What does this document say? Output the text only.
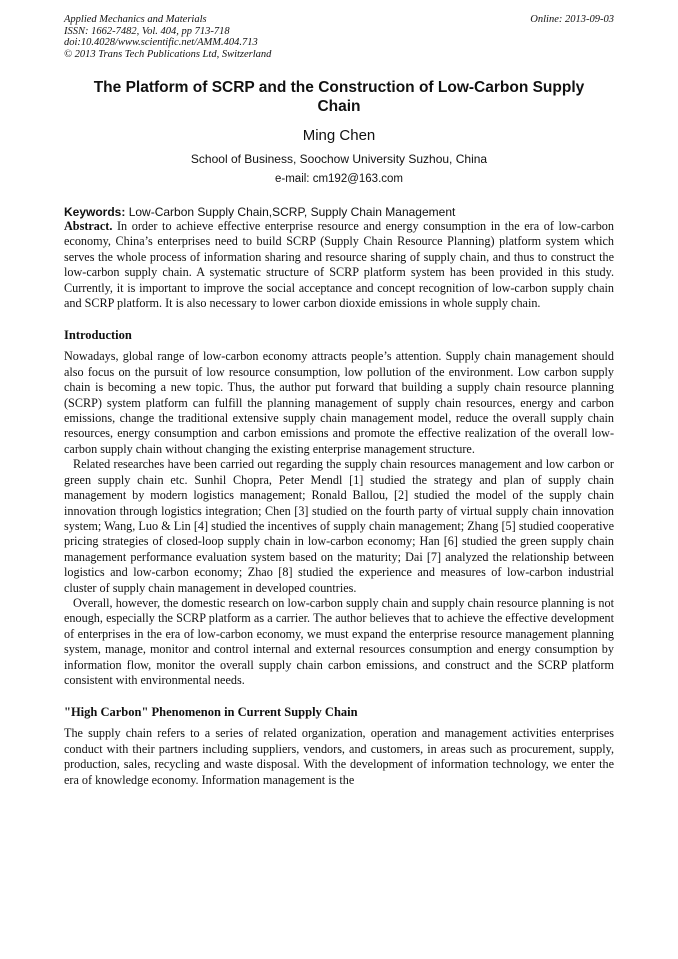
Applied Mechanics and Materials
ISSN: 1662-7482, Vol. 404, pp 713-718
doi:10.4028/www.scientific.net/AMM.404.713
© 2013 Trans Tech Publications Ltd, Switzerland
Online: 2013-09-03
The Platform of SCRP and the Construction of Low-Carbon Supply Chain
Ming Chen
School of Business, Soochow University Suzhou, China
e-mail: cm192@163.com
Keywords: Low-Carbon Supply Chain,SCRP, Supply Chain Management

Abstract. In order to achieve effective enterprise resource and energy consumption in the era of low-carbon economy, China’s enterprises need to build SCRP (Supply Chain Resource Planning) platform system which serves the whole process of information sharing and resource sharing of supply chain, and thus to construct the low-carbon supply chain. A systematic structure of SCRP platform system has been provided in this study. Currently, it is important to improve the social acceptance and concept recognition of low-carbon supply chain and SCRP platform. It is also necessary to lower carbon dioxide emissions in whole supply chain.

Introduction

Nowadays, global range of low-carbon economy attracts people’s attention. Supply chain management should also focus on the pursuit of low resource consumption, low pollution of the environment. Low carbon supply chain is becoming a new topic. Thus, the author put forward that building a supply chain resource planning (SCRP) system platform can fulfill the planning management of supply chain resources, energy and carbon emissions, change the traditional extensive supply chain management model, reduce the overall supply chain resources, energy consumption and carbon emissions and promote the effective realization of the overall low-carbon supply chain without changing the existing enterprise management structure.

Related researches have been carried out regarding the supply chain resources management and low carbon or green supply chain etc. Sunhil Chopra, Peter Mendl [1] studied the strategy and plan of supply chain management by modern logistics management; Ronald Ballou, [2] studied the model of the supply chain innovation through logistics integration; Chen [3] studied on the fourth party of virtual supply chain innovation system; Wang, Luo & Lin [4] studied the incentives of supply chain management; Zhang [5] studied cooperative pricing strategies of closed-loop supply chain in low-carbon economy; Han [6] studied the green supply chain management performance evaluation system based on the maturity; Dai [7] analyzed the relationship between logistics and low-carbon economy; Zhao [8] studied the experience and measures of low-carbon industrial cluster of supply chain management in developed countries.

Overall, however, the domestic research on low-carbon supply chain and supply chain resource planning is not enough, especially the SCRP platform as a carrier. The author believes that to achieve the effective development of enterprises in the era of low-carbon economy, we must expand the enterprise resource management planning system, manage, monitor and control internal and external resources consumption and energy consumption by information flow, monitor the overall supply chain carbon emissions, and construct and the SCRP platform consistent with environmental needs.

"High Carbon" Phenomenon in Current Supply Chain

The supply chain refers to a series of related organization, operation and management activities enterprises conduct with their partners including suppliers, vendors, and customers, in areas such as procurement, supply, production, sales, recycling and waste disposal. With the development of information technology, we enter the era of knowledge economy. Information management is the
